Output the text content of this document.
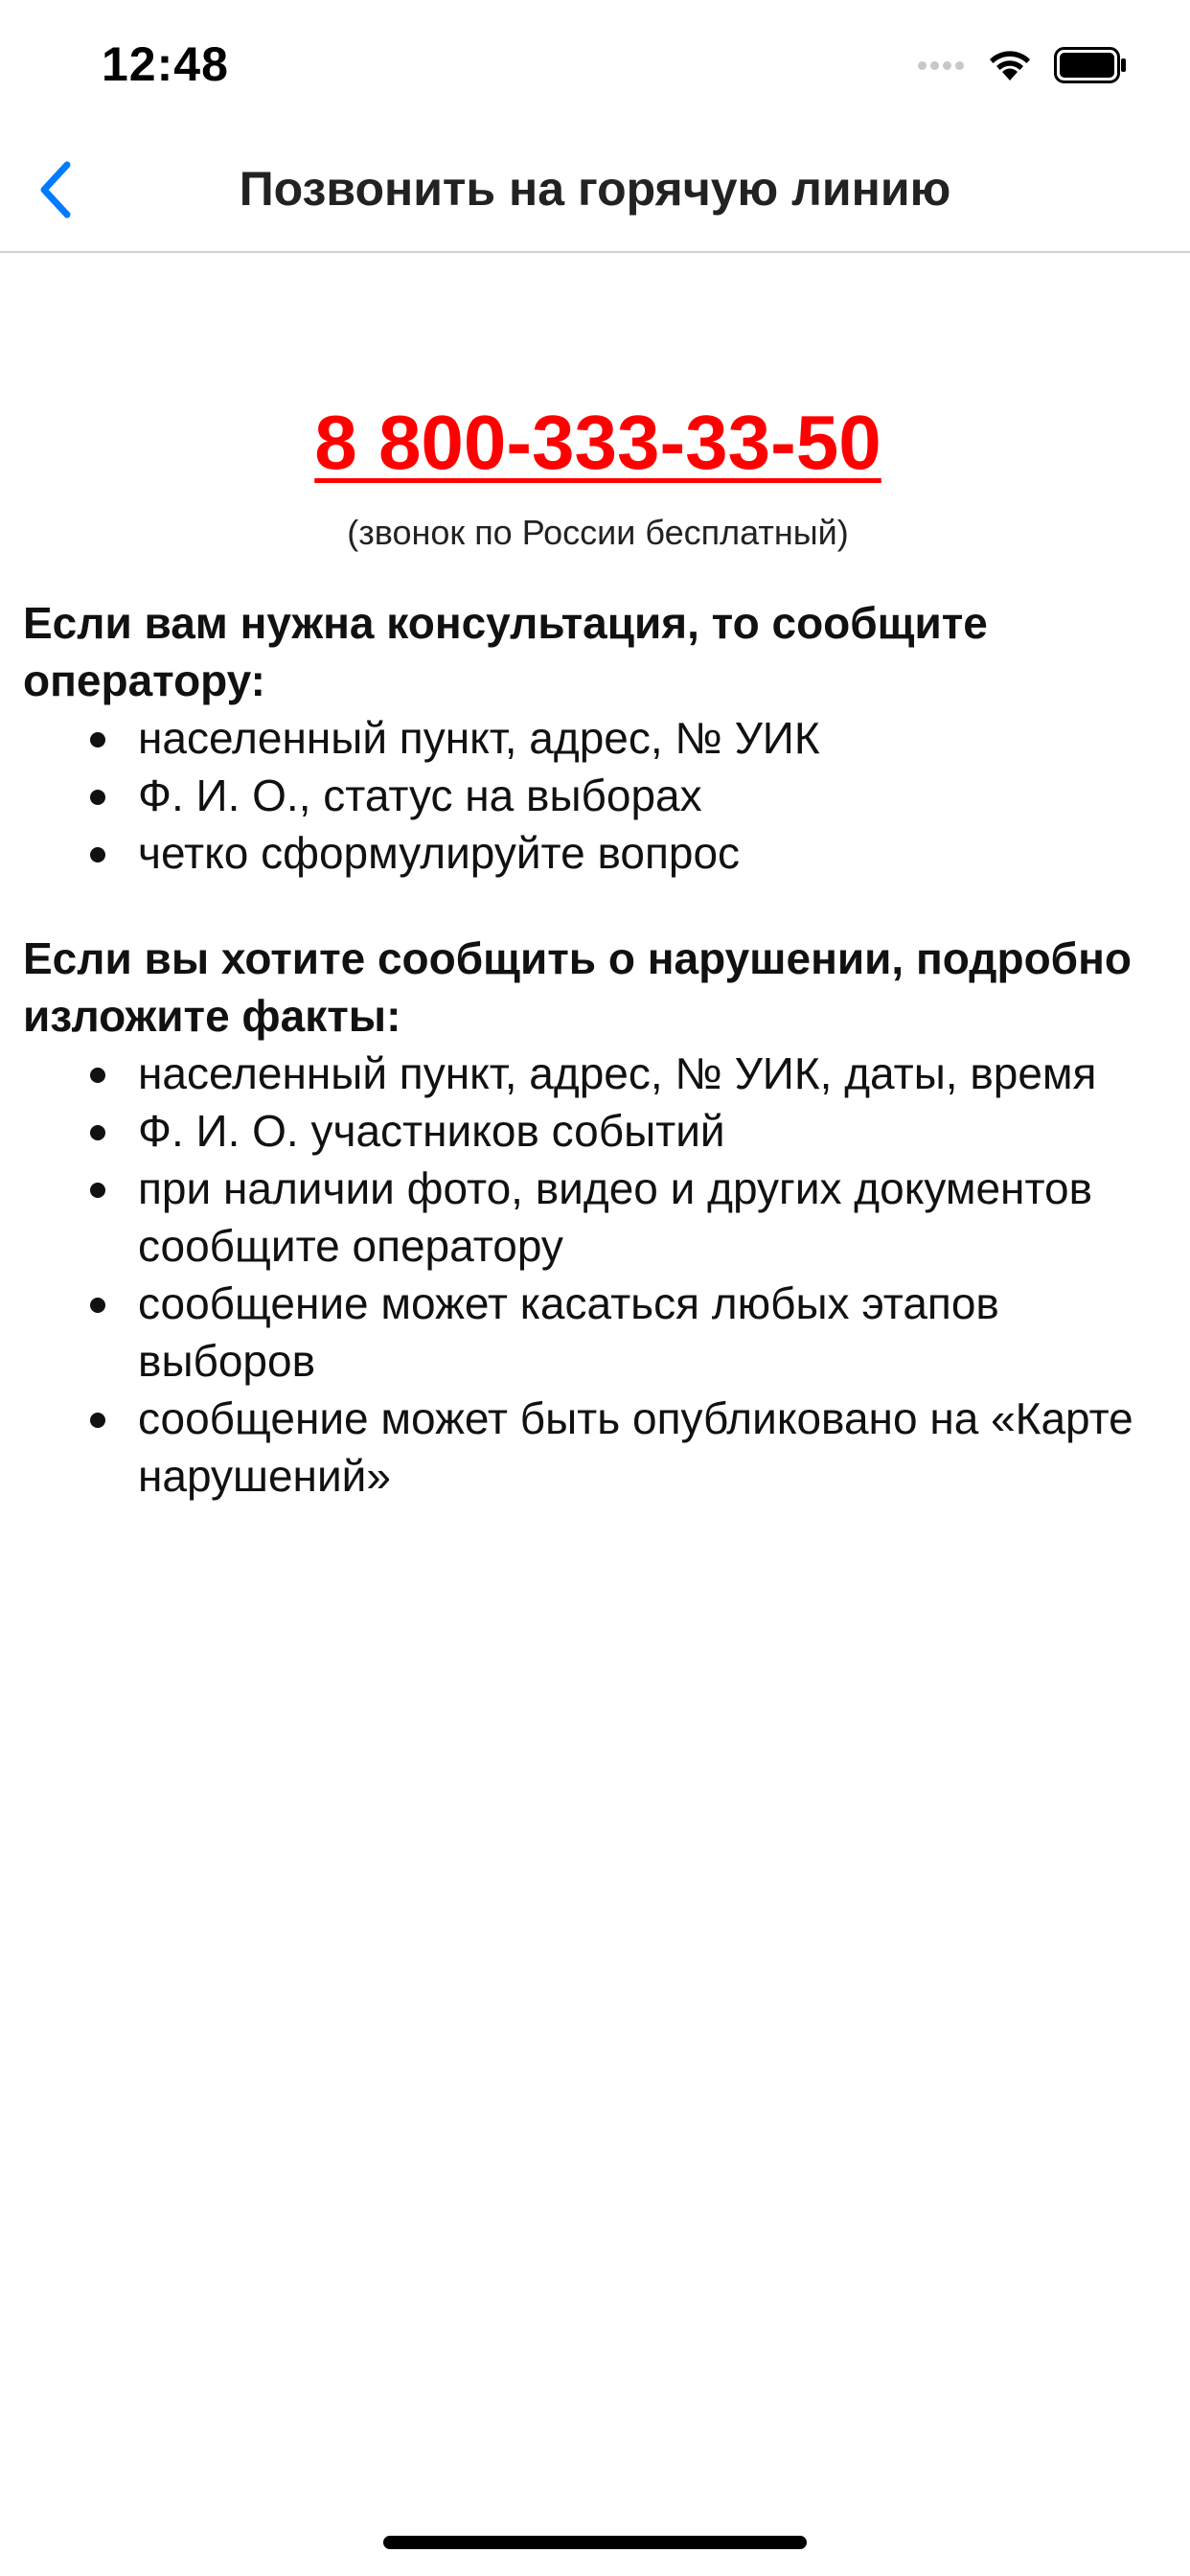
12:48
Позвонить на горячую линию
8 800-333-33-50
(звонок по России бесплатный)

Если вам нужна консультация, то сообщите оператору:

населенный пункт, адрес, № УИК
Ф. И. О., статус на выборах
четко сформулируйте вопрос

Если вы хотите сообщить о нарушении, подробно изложите факты:

населенный пункт, адрес, № УИК, даты, время
Ф. И. О. участников событий
при наличии фото, видео и других документов сообщите оператору
сообщение может касаться любых этапов выборов
сообщение может быть опубликовано на «Карте нарушений»
